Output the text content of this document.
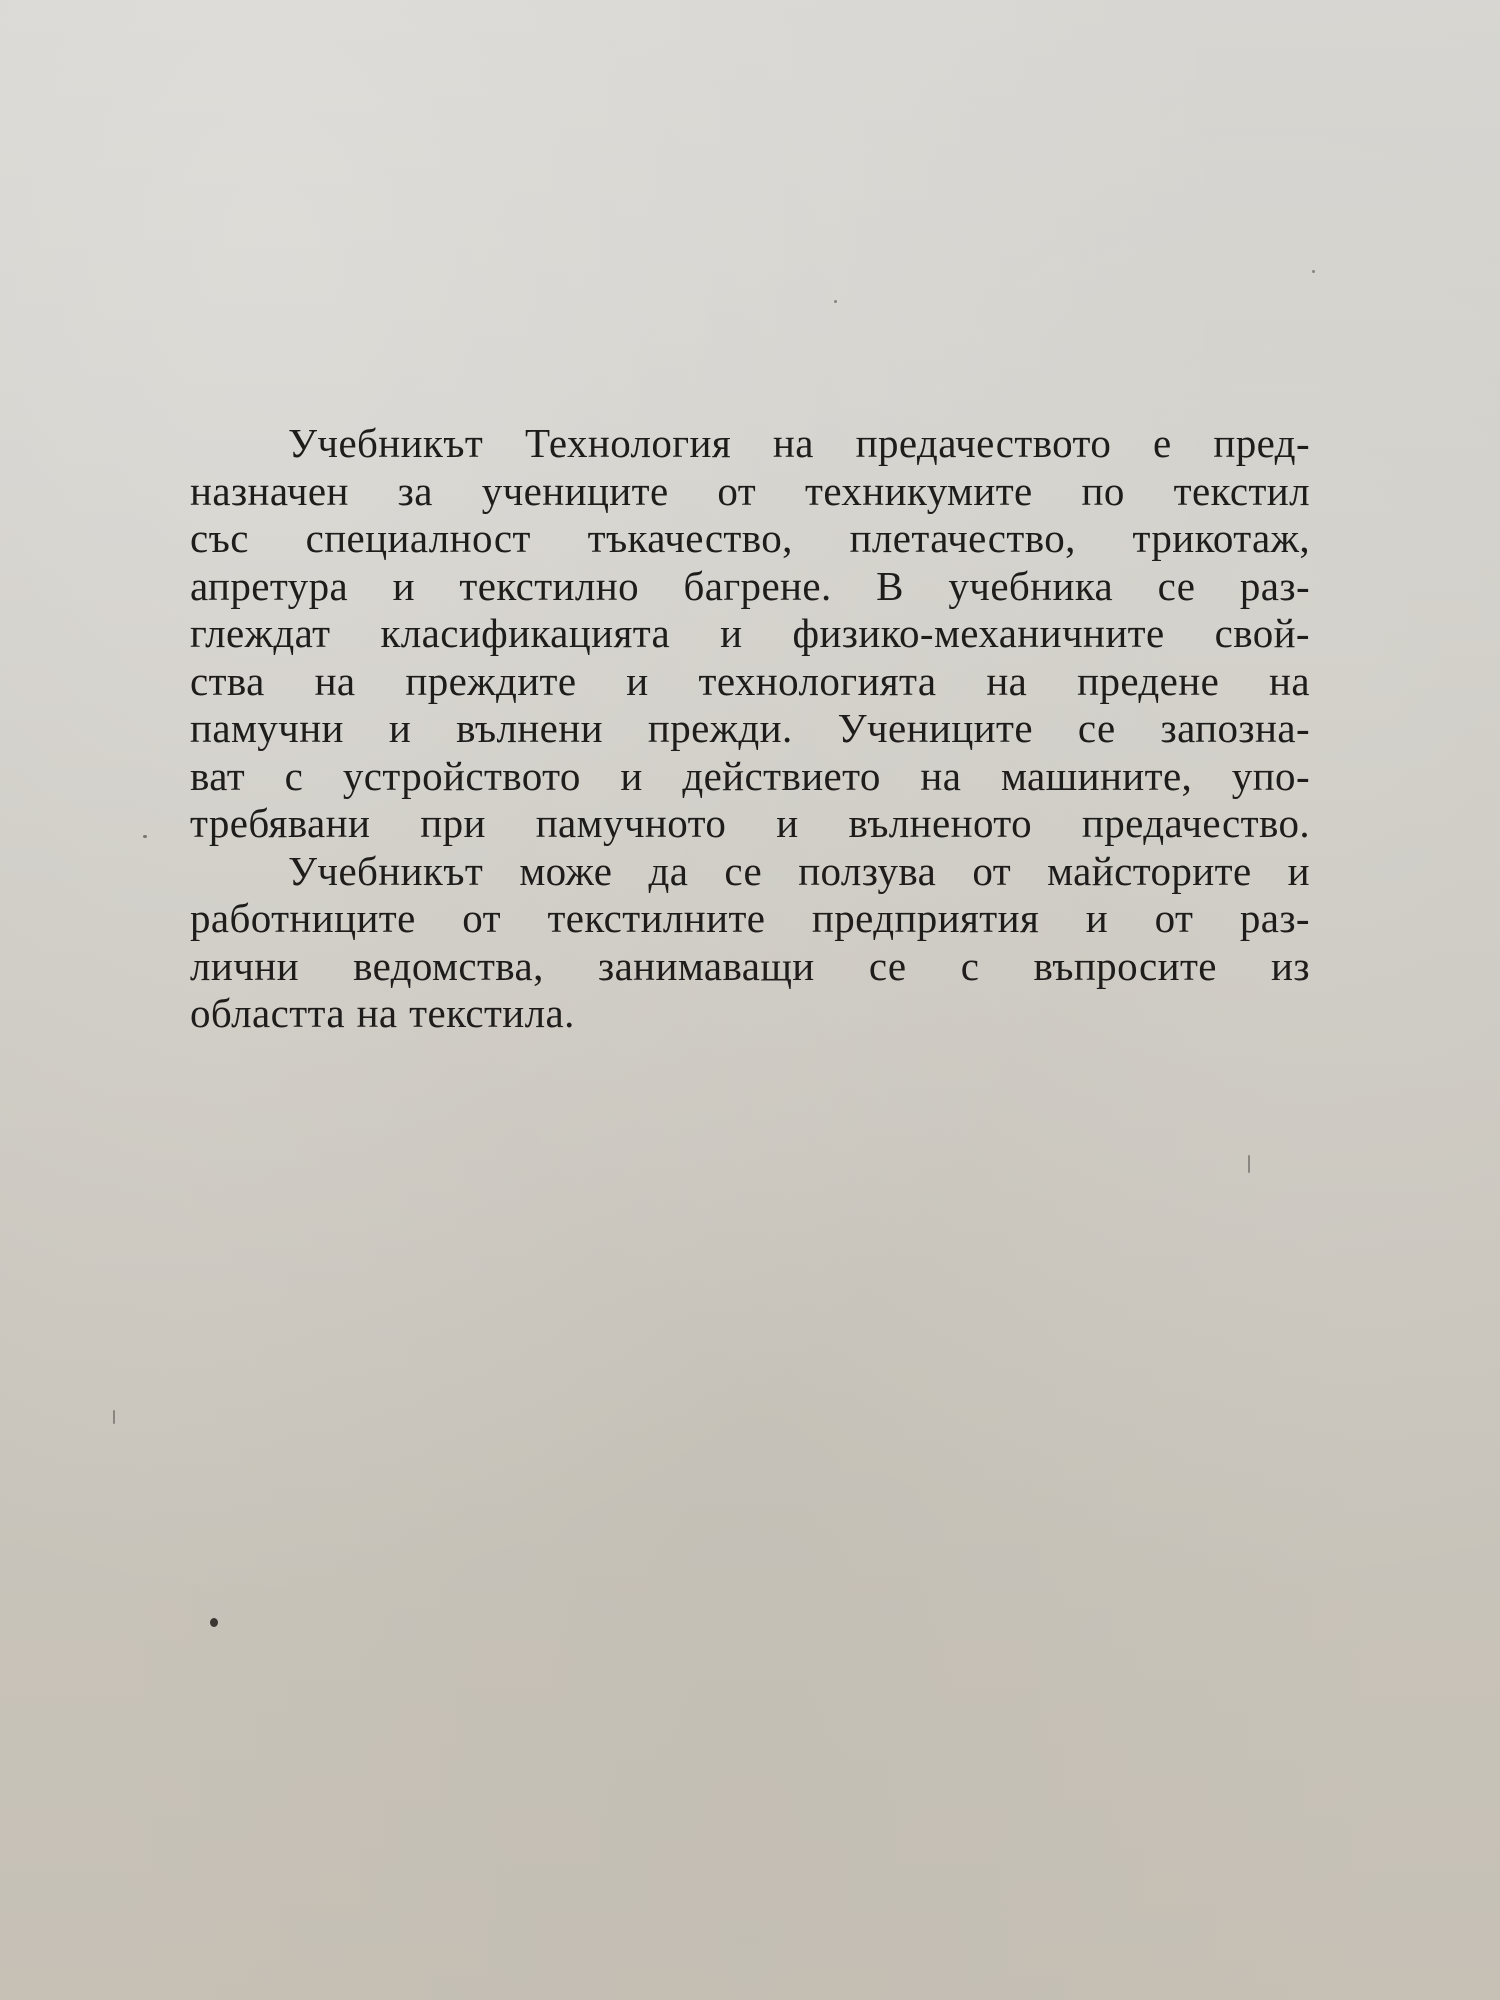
Учебникът Технология на предачеството е пред-
назначен за учениците от техникумите по текстил
със специалност тъкачество, плетачество, трикотаж,
апретура и текстилно багрене. В учебника се раз-
глеждат класификацията и физико-механичните свой-
ства на преждите и технологията на предене на
памучни и вълнени прежди. Учениците се запозна-
ват с устройството и действието на машините, упо-
требявани при памучното и вълненото предачество.
Учебникът може да се ползува от майсторите и
работниците от текстилните предприятия и от раз-
лични ведомства, занимаващи се с въпросите из
областта на текстила.
